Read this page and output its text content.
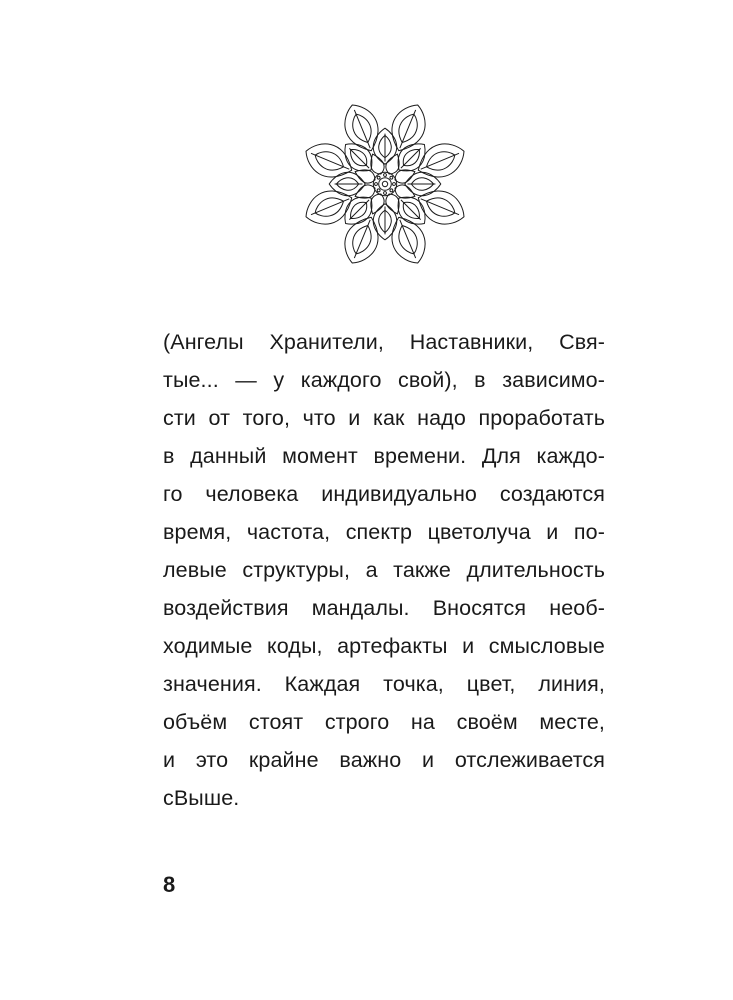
(Ангелы Хранители, Наставники, Свя-
тые... — у каждого свой), в зависимо-
сти от того, что и как надо проработать
в данный момент времени. Для каждо-
го человека индивидуально создаются
время, частота, спектр цветолуча и по-
левые структуры, а также длительность
воздействия мандалы. Вносятся необ-
ходимые коды, артефакты и смысловые
значения. Каждая точка, цвет, линия,
объём стоят строго на своём месте,
и это крайне важно и отслеживается
сВыше.
8
